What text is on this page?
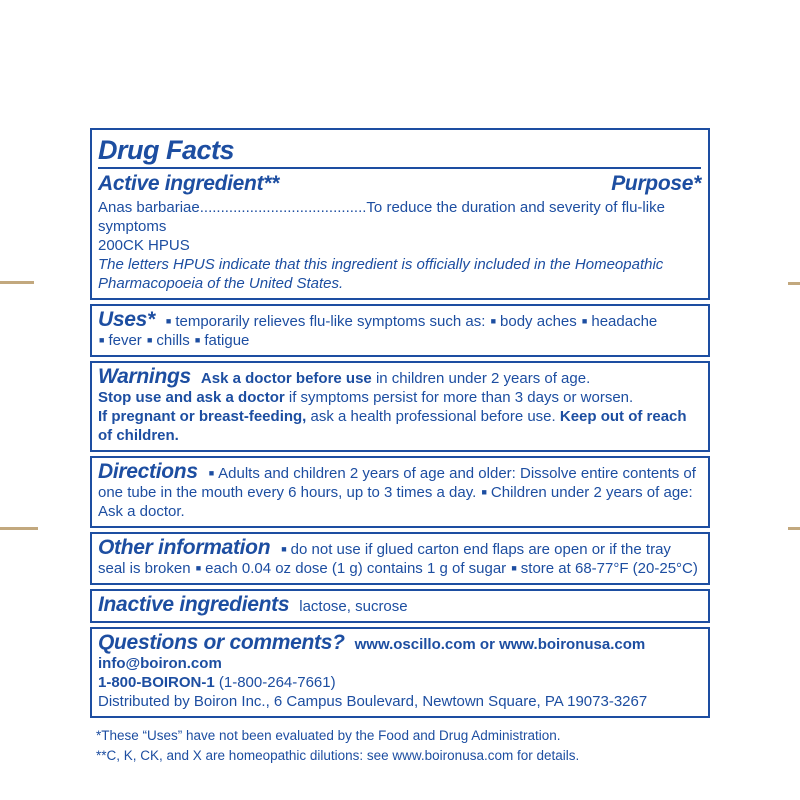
Drug Facts
Active ingredient**	Purpose*

Anas barbariae........................................To reduce the duration and severity of flu-like symptoms
200CK HPUS
The letters HPUS indicate that this ingredient is officially included in the Homeopathic Pharmacopoeia of the United States.

Uses* ■ temporarily relieves flu-like symptoms such as: ■ body aches ■ headache ■ fever ■ chills ■ fatigue

Warnings Ask a doctor before use in children under 2 years of age.
Stop use and ask a doctor if symptoms persist for more than 3 days or worsen.
If pregnant or breast-feeding, ask a health professional before use. Keep out of reach of children.

Directions ■ Adults and children 2 years of age and older: Dissolve entire contents of one tube in the mouth every 6 hours, up to 3 times a day. ■ Children under 2 years of age: Ask a doctor.

Other information ■ do not use if glued carton end flaps are open or if the tray seal is broken ■ each 0.04 oz dose (1 g) contains 1 g of sugar ■ store at 68-77°F (20-25°C)

Inactive ingredients lactose, sucrose

Questions or comments? www.oscillo.com or www.boironusa.com
info@boiron.com
1-800-BOIRON-1 (1-800-264-7661)
Distributed by Boiron Inc., 6 Campus Boulevard, Newtown Square, PA 19073-3267

*These “Uses” have not been evaluated by the Food and Drug Administration.
**C, K, CK, and X are homeopathic dilutions: see www.boironusa.com for details.
